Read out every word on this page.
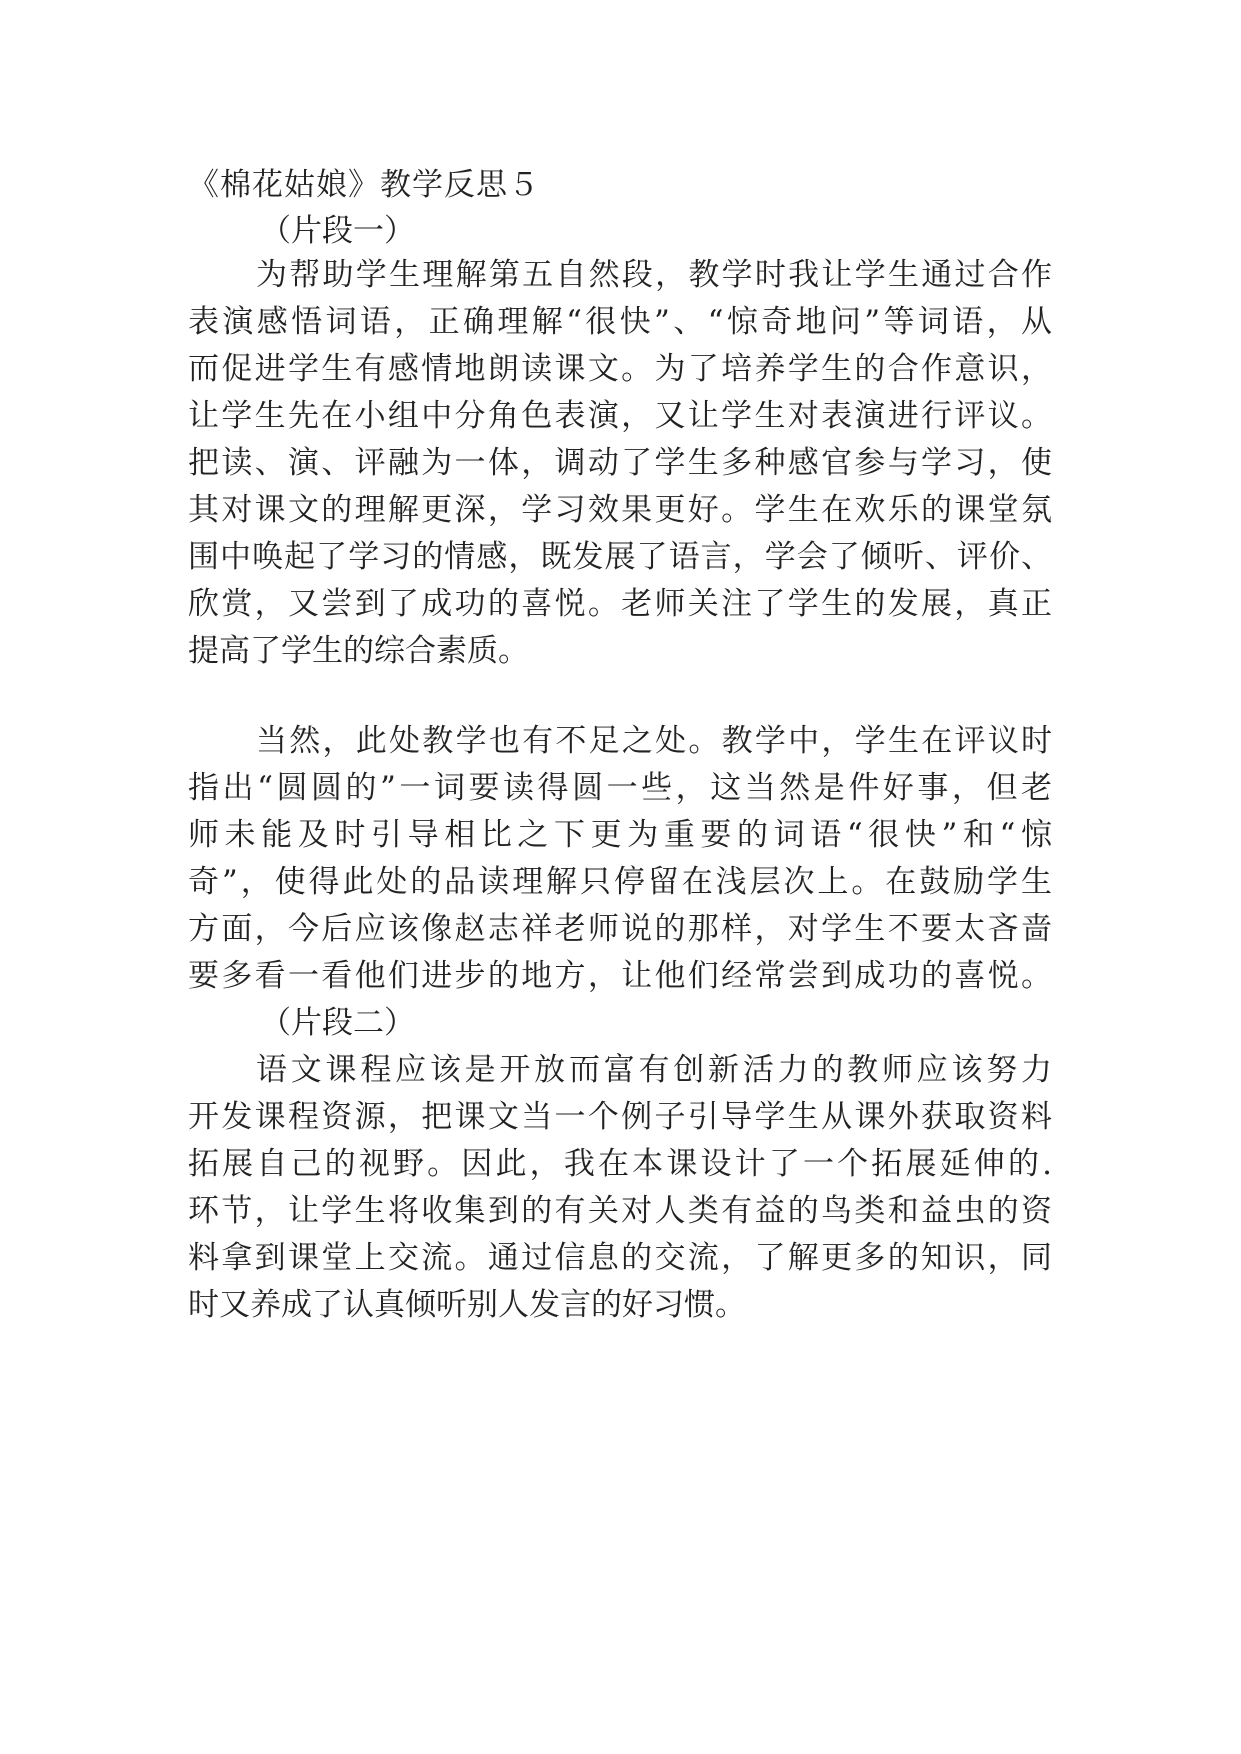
《棉花姑娘》教学反思５
（片段一）
为帮助学生理解第五自然段，教学时我让学生通过合作
表演感悟词语，正确理解“很快”、“惊奇地问”等词语，从
而促进学生有感情地朗读课文。为了培养学生的合作意识，
让学生先在小组中分角色表演，又让学生对表演进行评议。
把读、演、评融为一体，调动了学生多种感官参与学习，使
其对课文的理解更深，学习效果更好。学生在欢乐的课堂氛
围中唤起了学习的情感，既发展了语言，学会了倾听、评价、
欣赏，又尝到了成功的喜悦。老师关注了学生的发展，真正
提高了学生的综合素质。
当然，此处教学也有不足之处。教学中，学生在评议时
指出“圆圆的”一词要读得圆一些，这当然是件好事，但老
师未能及时引导相比之下更为重要的词语“很快”和“惊
奇”，使得此处的品读理解只停留在浅层次上。在鼓励学生
方面，今后应该像赵志祥老师说的那样，对学生不要太吝啬
要多看一看他们进步的地方，让他们经常尝到成功的喜悦。
（片段二）
语文课程应该是开放而富有创新活力的教师应该努力
开发课程资源，把课文当一个例子引导学生从课外获取资料
拓展自己的视野。因此，我在本课设计了一个拓展延伸的.
环节，让学生将收集到的有关对人类有益的鸟类和益虫的资
料拿到课堂上交流。通过信息的交流，了解更多的知识，同
时又养成了认真倾听别人发言的好习惯。
